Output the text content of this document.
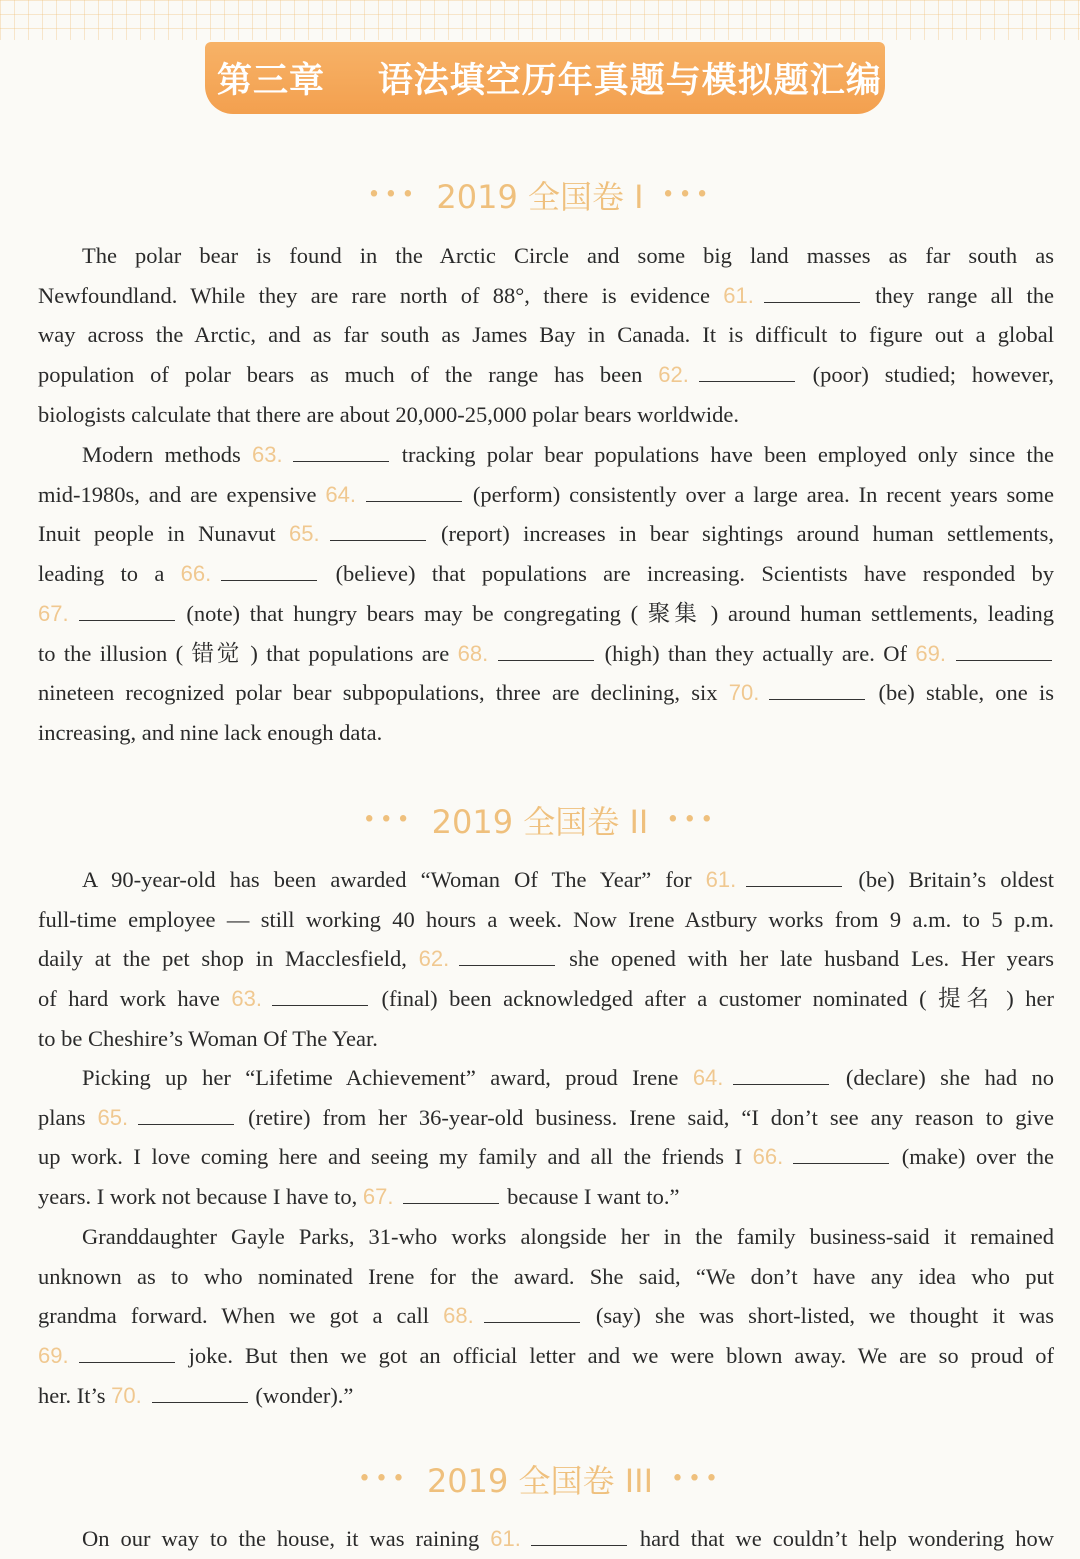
第三章
语法填空历年真题与模拟题汇编
••• 2019 全国卷 I •••
The polar bear is found in the Arctic Circle and some big land masses as far south as
Newfoundland. While they are rare north of 88°, there is evidence 61.	they range all the
way across the Arctic, and as far south as James Bay in Canada. It is difficult to figure out a global
population of polar bears as much of the range has been 62.	(poor) studied; however,
biologists calculate that there are about 20,000-25,000 polar bears worldwide.
Modern methods 63.	tracking polar bear populations have been employed only since the
mid-1980s, and are expensive 64.	(perform) consistently over a large area. In recent years some
Inuit people in Nunavut 65.	(report) increases in bear sightings around human settlements,
leading to a 66.	(believe) that populations are increasing. Scientists have responded by
67.	(note) that hungry bears may be congregating ( 聚集 ) around human settlements, leading
to the illusion ( 错觉 ) that populations are 68.	(high) than they actually are. Of 69.
nineteen recognized polar bear subpopulations, three are declining, six 70.	(be) stable, one is
increasing, and nine lack enough data.
••• 2019 全国卷 II •••
A 90-year-old has been awarded “Woman Of The Year” for 61.	(be) Britain’s oldest
full-time employee — still working 40 hours a week. Now Irene Astbury works from 9 a.m. to 5 p.m.
daily at the pet shop in Macclesfield, 62.	she opened with her late husband Les. Her years
of hard work have 63.	(final) been acknowledged after a customer nominated ( 提名 ) her
to be Cheshire’s Woman Of The Year.
Picking up her “Lifetime Achievement” award, proud Irene 64.	(declare) she had no
plans 65.	(retire) from her 36-year-old business. Irene said, “I don’t see any reason to give
up work. I love coming here and seeing my family and all the friends I 66.	(make) over the
years. I work not because I have to, 67.	because I want to.”
Granddaughter Gayle Parks, 31-who works alongside her in the family business-said it remained
unknown as to who nominated Irene for the award. She said, “We don’t have any idea who put
grandma forward. When we got a call 68.	(say) she was short-listed, we thought it was
69.	joke. But then we got an official letter and we were blown away. We are so proud of
her. It’s 70.	(wonder).”
••• 2019 全国卷 III •••
On our way to the house, it was raining 61.	hard that we couldn’t help wondering how
